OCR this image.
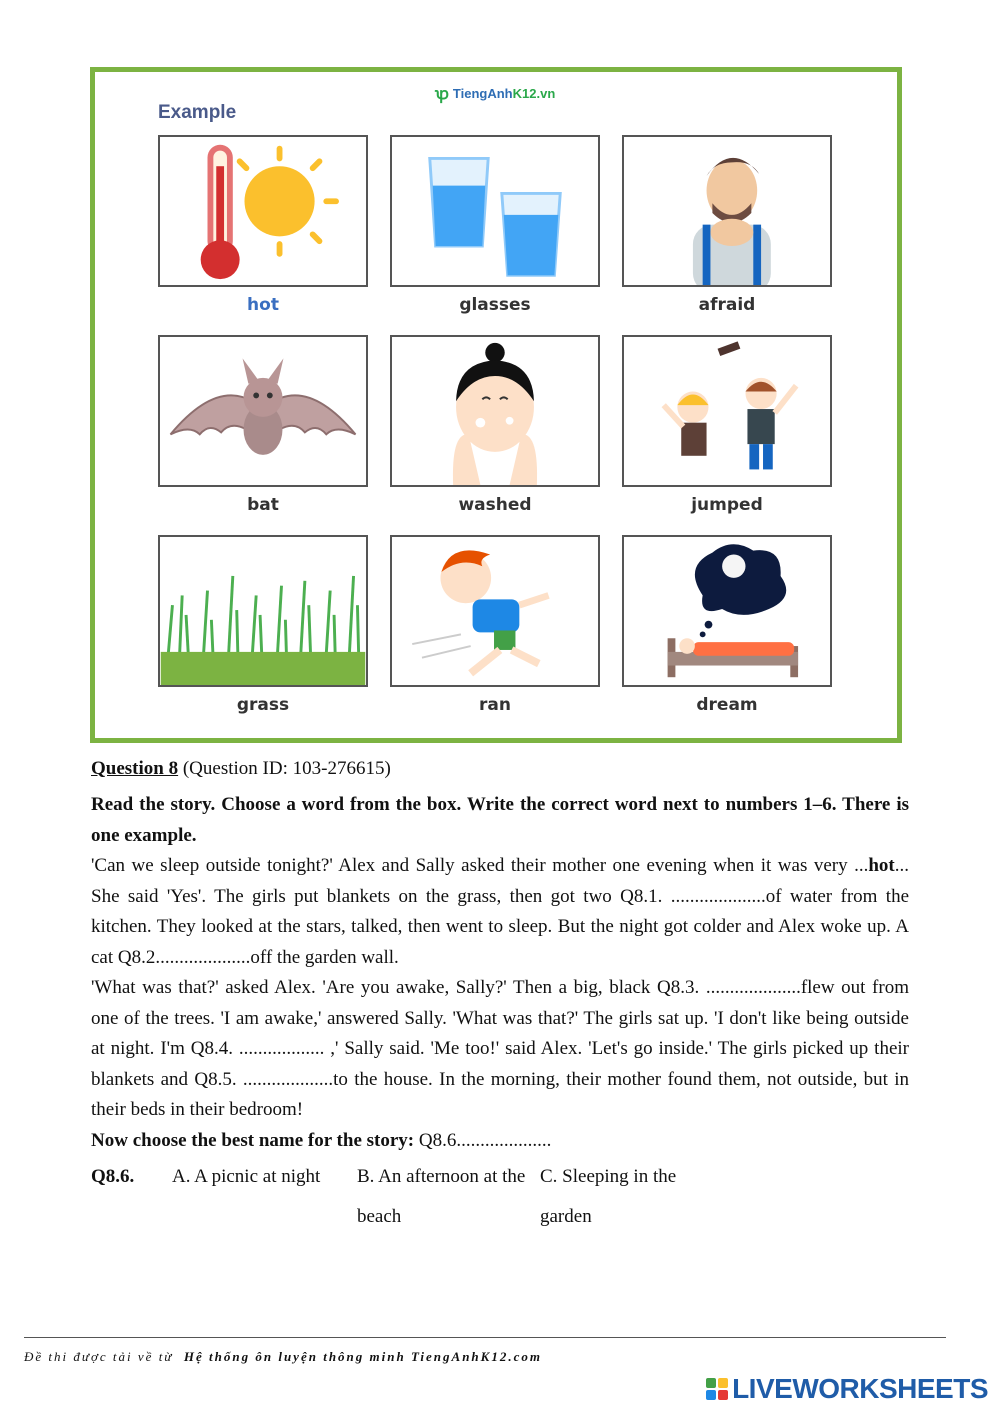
Example
ꝕ TiengAnh K12.vn
hot	glasses	afraid
bat	washed	jumped
grass	ran	dream
Question 8 (Question ID: 103-276615)

Read the story. Choose a word from the box. Write the correct word next to numbers 1–6. There is one example.

'Can we sleep outside tonight?' Alex and Sally asked their mother one evening when it was very ...hot... She said 'Yes'. The girls put blankets on the grass, then got two Q8.1. ....................of water from the kitchen. They looked at the stars, talked, then went to sleep. But the night got colder and Alex woke up. A cat Q8.2....................off the garden wall.

'What was that?' asked Alex. 'Are you awake, Sally?' Then a big, black Q8.3. ....................flew out from one of the trees. 'I am awake,' answered Sally. 'What was that?' The girls sat up. 'I don't like being outside at night. I'm Q8.4. .................. ,' Sally said. 'Me too!' said Alex. 'Let's go inside.' The girls picked up their blankets and Q8.5. ...................to the house. In the morning, their mother found them, not outside, but in their beds in their bedroom!

Now choose the best name for the story: Q8.6....................

Q8.6. A. A picnic at night B. An afternoon at the beach
C. Sleeping in the garden
Đề thi được tải về từ Hệ thống ôn luyện thông minh TiengAnhK12.com
LIVEWORKSHEETS
